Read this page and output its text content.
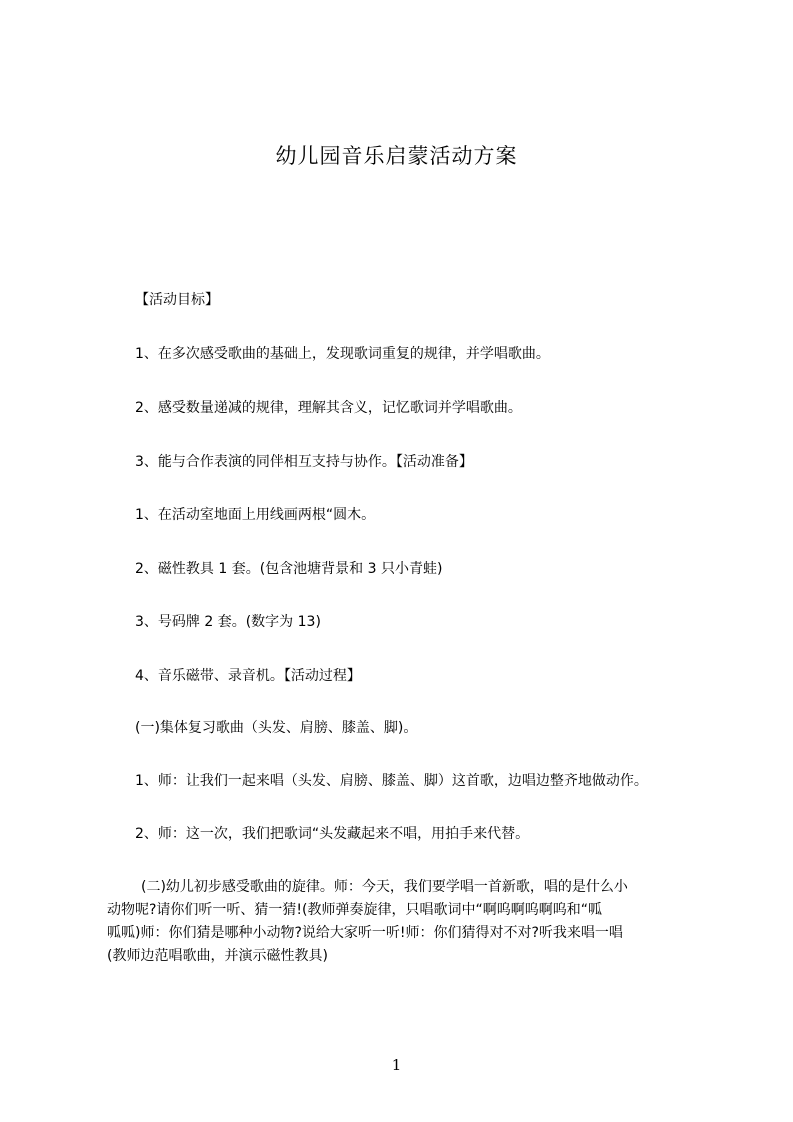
幼儿园音乐启蒙活动方案
【活动目标】
1、在多次感受歌曲的基础上，发现歌词重复的规律，并学唱歌曲。
2、感受数量递减的规律，理解其含义，记忆歌词并学唱歌曲。
3、能与合作表演的同伴相互支持与协作。【活动准备】
1、在活动室地面上用线画两根“圆木。
2、磁性教具 1 套。(包含池塘背景和 3 只小青蛙)
3、号码牌 2 套。(数字为 13)
4、音乐磁带、录音机。【活动过程】
(一)集体复习歌曲（头发、肩膀、膝盖、脚)。
1、师：让我们一起来唱（头发、肩膀、膝盖、脚）这首歌，边唱边整齐地做动作。
2、师：这一次，我们把歌词“头发藏起来不唱，用拍手来代替。
(二)幼儿初步感受歌曲的旋律。师：今天，我们要学唱一首新歌，唱的是什么小
动物呢?请你们听一听、猜一猜!(教师弹奏旋律，只唱歌词中“啊呜啊呜啊呜和“呱
呱呱)师：你们猜是哪种小动物?说给大家听一听!师：你们猜得对不对?听我来唱一唱
(教师边范唱歌曲，并演示磁性教具)
1
